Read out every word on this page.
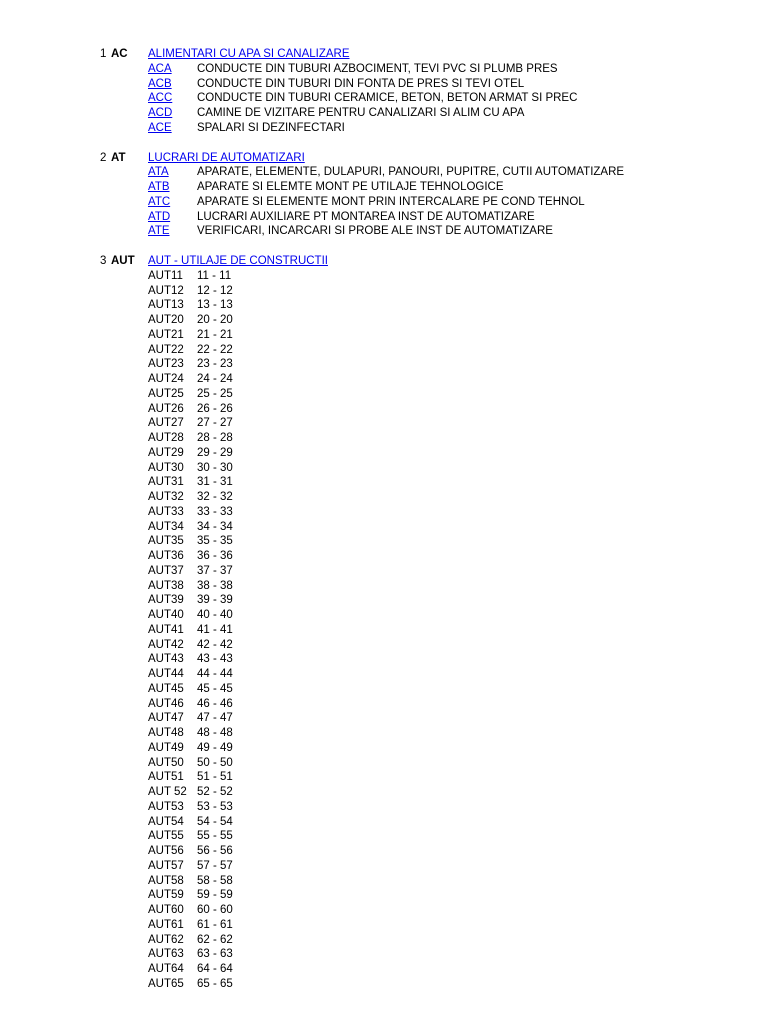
1 AC ALIMENTARI CU APA SI CANALIZARE
ACA CONDUCTE DIN TUBURI AZBOCIMENT, TEVI PVC SI PLUMB PRES
ACB CONDUCTE DIN TUBURI DIN FONTA DE PRES SI TEVI OTEL
ACC CONDUCTE DIN TUBURI CERAMICE, BETON, BETON ARMAT SI PREC
ACD CAMINE DE VIZITARE PENTRU CANALIZARI SI ALIM CU APA
ACE SPALARI SI DEZINFECTARI
2 AT LUCRARI DE AUTOMATIZARI
ATA APARATE, ELEMENTE, DULAPURI, PANOURI, PUPITRE, CUTII AUTOMATIZARE
ATB APARATE SI ELEMTE MONT PE UTILAJE TEHNOLOGICE
ATC APARATE SI ELEMENTE MONT PRIN INTERCALARE PE COND TEHNOL
ATD LUCRARI AUXILIARE PT MONTAREA INST DE AUTOMATIZARE
ATE VERIFICARI, INCARCARI SI PROBE ALE INST DE AUTOMATIZARE
3 AUT AUT - UTILAJE DE CONSTRUCTII
AUT11 11 - 11
AUT12 12 - 12
AUT13 13 - 13
AUT20 20 - 20
AUT21 21 - 21
AUT22 22 - 22
AUT23 23 - 23
AUT24 24 - 24
AUT25 25 - 25
AUT26 26 - 26
AUT27 27 - 27
AUT28 28 - 28
AUT29 29 - 29
AUT30 30 - 30
AUT31 31 - 31
AUT32 32 - 32
AUT33 33 - 33
AUT34 34 - 34
AUT35 35 - 35
AUT36 36 - 36
AUT37 37 - 37
AUT38 38 - 38
AUT39 39 - 39
AUT40 40 - 40
AUT41 41 - 41
AUT42 42 - 42
AUT43 43 - 43
AUT44 44 - 44
AUT45 45 - 45
AUT46 46 - 46
AUT47 47 - 47
AUT48 48 - 48
AUT49 49 - 49
AUT50 50 - 50
AUT51 51 - 51
AUT 52 52 - 52
AUT53 53 - 53
AUT54 54 - 54
AUT55 55 - 55
AUT56 56 - 56
AUT57 57 - 57
AUT58 58 - 58
AUT59 59 - 59
AUT60 60 - 60
AUT61 61 - 61
AUT62 62 - 62
AUT63 63 - 63
AUT64 64 - 64
AUT65 65 - 65
